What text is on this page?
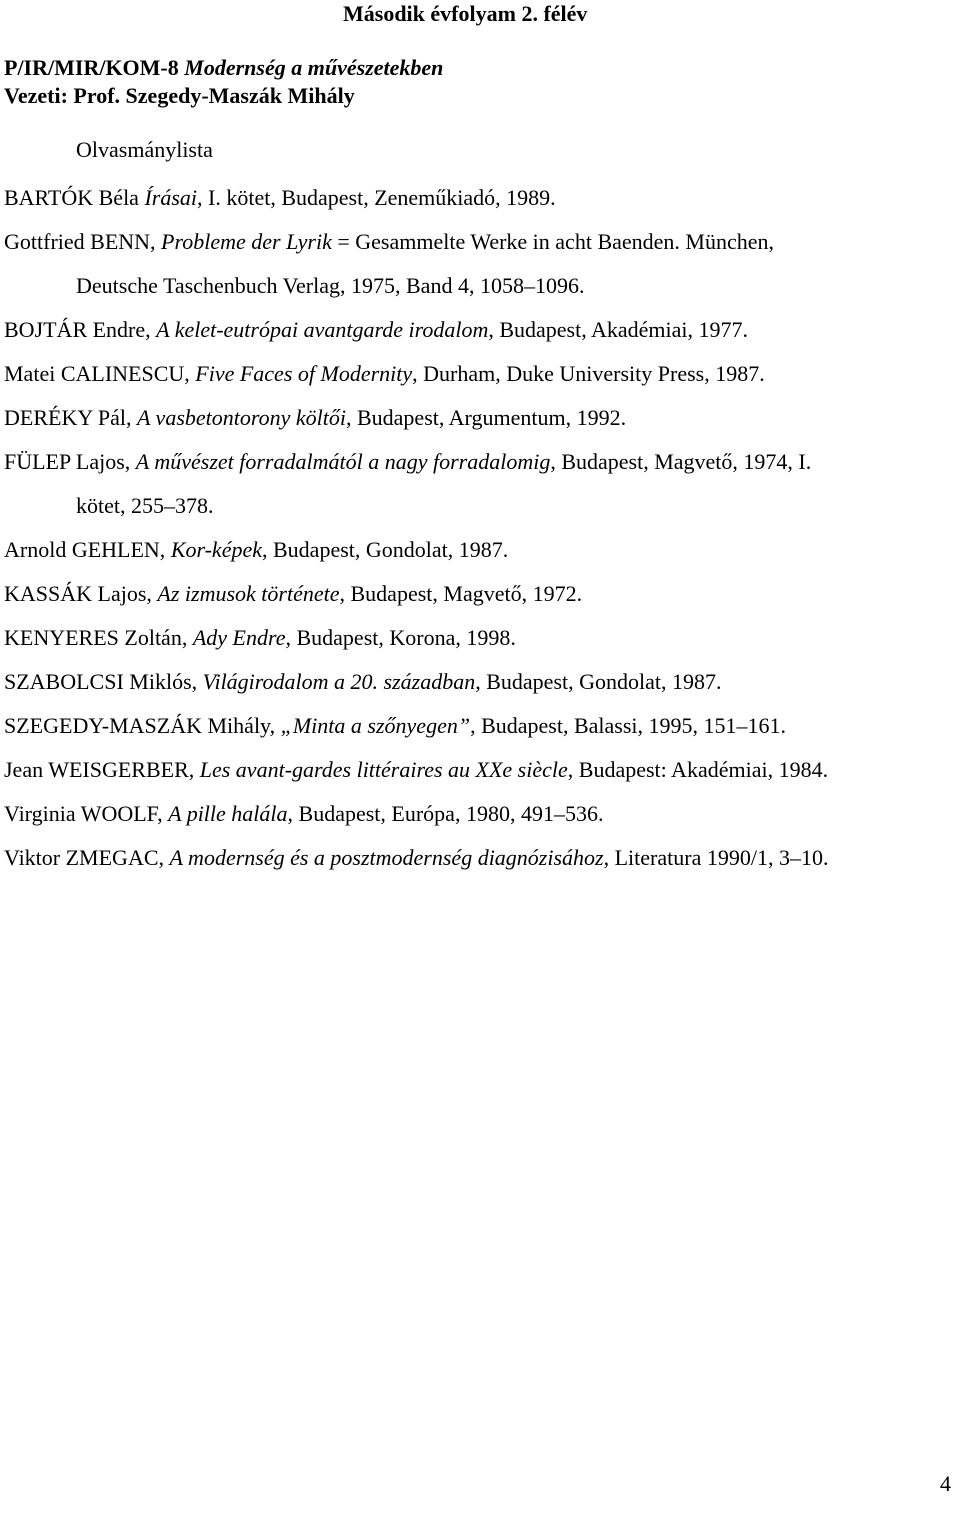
Második évfolyam 2. félév
P/IR/MIR/KOM-8 Modernség a művészetekben
Vezeti: Prof. Szegedy-Maszák Mihály
Olvasmánylista
BARTÓK Béla Írásai, I. kötet, Budapest, Zeneműkiadó, 1989.
Gottfried BENN, Probleme der Lyrik = Gesammelte Werke in acht Baenden. München,
Deutsche Taschenbuch Verlag, 1975, Band 4, 1058–1096.
BOJTÁR Endre, A kelet-eutrópai avantgarde irodalom, Budapest, Akadémiai, 1977.
Matei CALINESCU, Five Faces of Modernity, Durham, Duke University Press, 1987.
DERÉKY Pál, A vasbetontorony költői, Budapest, Argumentum, 1992.
FÜLEP Lajos, A művészet forradalmától a nagy forradalomig, Budapest, Magvető, 1974, I.
kötet, 255–378.
Arnold GEHLEN, Kor-képek, Budapest, Gondolat, 1987.
KASSÁK Lajos, Az izmusok története, Budapest, Magvető, 1972.
KENYERES Zoltán, Ady Endre, Budapest, Korona, 1998.
SZABOLCSI Miklós, Világirodalom a 20. században, Budapest, Gondolat, 1987.
SZEGEDY-MASZÁK Mihály, „Minta a szőnyegen”, Budapest, Balassi, 1995, 151–161.
Jean WEISGERBER, Les avant-gardes littéraires au XXe siècle, Budapest: Akadémiai, 1984.
Virginia WOOLF, A pille halála, Budapest, Európa, 1980, 491–536.
Viktor ZMEGAC, A modernség és a posztmodernség diagnózisához, Literatura 1990/1, 3–10.
4
